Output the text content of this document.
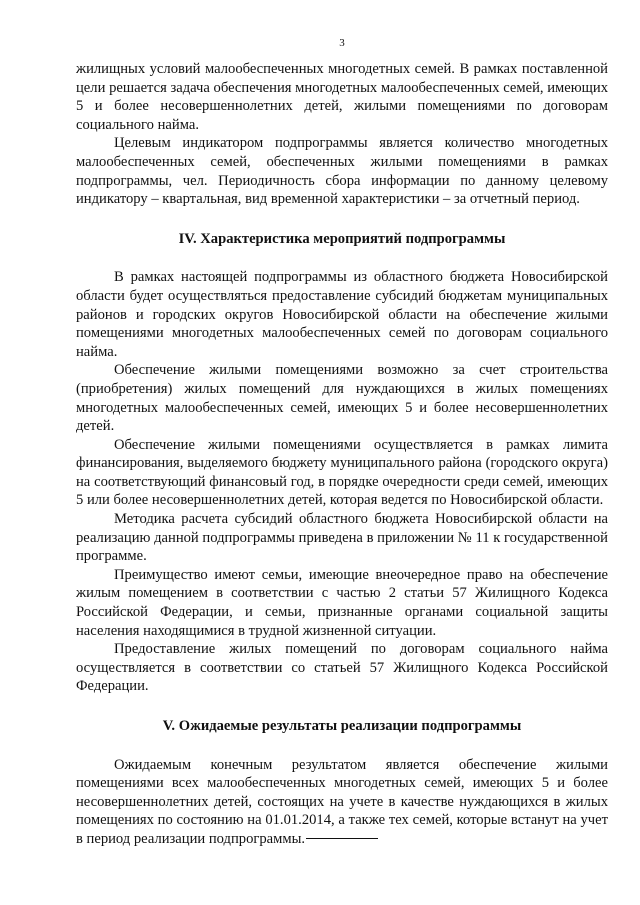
3

жилищных условий малообеспеченных многодетных семей. В рамках поставленной цели решается задача обеспечения многодетных малообеспеченных семей, имеющих 5 и более несовершеннолетних детей, жилыми помещениями по договорам социального найма.

Целевым индикатором подпрограммы является количество многодетных малообеспеченных семей, обеспеченных жилыми помещениями в рамках подпрограммы, чел. Периодичность сбора информации по данному целевому индикатору – квартальная, вид временной характеристики – за отчетный период.

IV. Характеристика мероприятий подпрограммы

В рамках настоящей подпрограммы из областного бюджета Новосибирской области будет осуществляться предоставление субсидий бюджетам муниципальных районов и городских округов Новосибирской области на обеспечение жилыми помещениями многодетных малообеспеченных семей по договорам социального найма.

Обеспечение жилыми помещениями возможно за счет строительства (приобретения) жилых помещений для нуждающихся в жилых помещениях многодетных малообеспеченных семей, имеющих 5 и более несовершеннолетних детей.

Обеспечение жилыми помещениями осуществляется в рамках лимита финансирования, выделяемого бюджету муниципального района (городского округа) на соответствующий финансовый год, в порядке очередности среди семей, имеющих 5 или более несовершеннолетних детей, которая ведется по Новосибирской области.

Методика расчета субсидий областного бюджета Новосибирской области на реализацию данной подпрограммы приведена в приложении № 11 к государственной программе.

Преимущество имеют семьи, имеющие внеочередное право на обеспечение жилым помещением в соответствии с частью 2 статьи 57 Жилищного Кодекса Российской Федерации, и семьи, признанные органами социальной защиты населения находящимися в трудной жизненной ситуации.

Предоставление жилых помещений по договорам социального найма осуществляется в соответствии со статьей 57 Жилищного Кодекса Российской Федерации.

V. Ожидаемые результаты реализации подпрограммы

Ожидаемым конечным результатом является обеспечение жилыми помещениями всех малообеспеченных многодетных семей, имеющих 5 и более несовершеннолетних детей, состоящих на учете в качестве нуждающихся в жилых помещениях по состоянию на 01.01.2014, а также тех семей, которые встанут на учет в период реализации подпрограммы.
